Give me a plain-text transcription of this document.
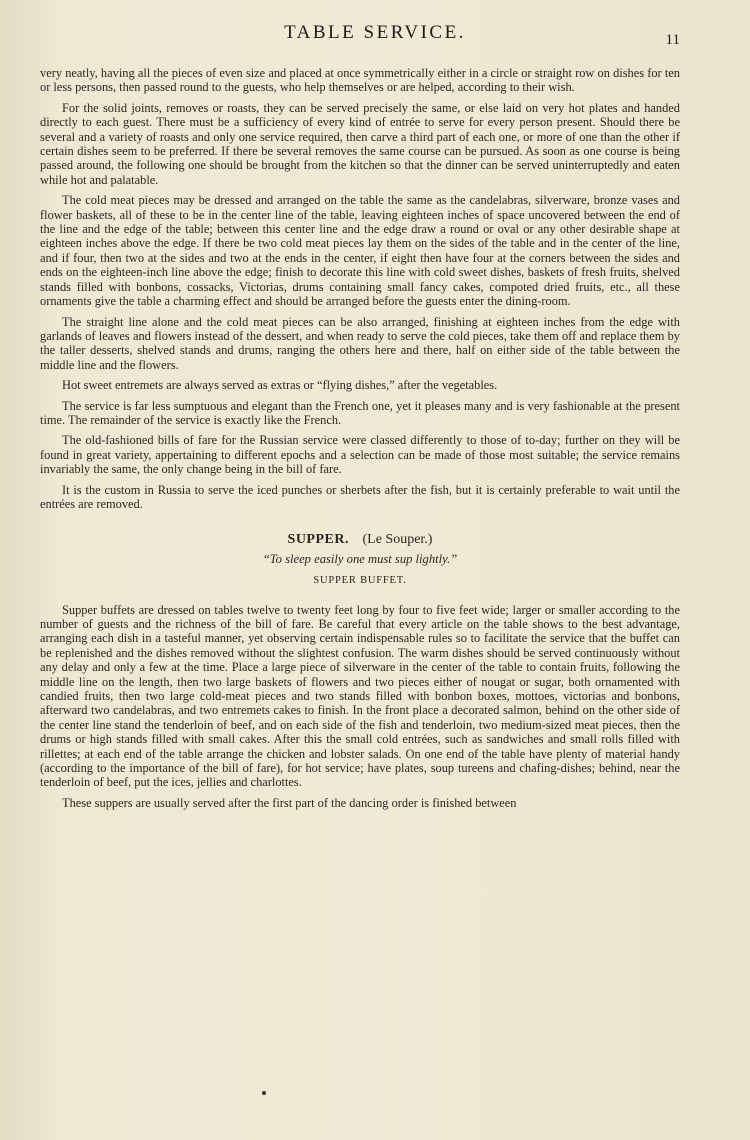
TABLE SERVICE.	11

very neatly, having all the pieces of even size and placed at once symmetrically either in a circle or straight row on dishes for ten or less persons, then passed round to the guests, who help themselves or are helped, according to their wish.

For the solid joints, removes or roasts, they can be served precisely the same, or else laid on very hot plates and handed directly to each guest. There must be a sufficiency of every kind of entrée to serve for every person present. Should there be several and a variety of roasts and only one service required, then carve a third part of each one, or more of one than the other if certain dishes seem to be preferred. If there be several removes the same course can be pursued. As soon as one course is being passed around, the following one should be brought from the kitchen so that the dinner can be served uninterruptedly and eaten while hot and palatable.

The cold meat pieces may be dressed and arranged on the table the same as the candelabras, silverware, bronze vases and flower baskets, all of these to be in the center line of the table, leaving eighteen inches of space uncovered between the end of the line and the edge of the table; between this center line and the edge draw a round or oval or any other desirable shape at eighteen inches above the edge. If there be two cold meat pieces lay them on the sides of the table and in the center of the line, and if four, then two at the sides and two at the ends in the center, if eight then have four at the corners between the sides and ends on the eighteen-inch line above the edge; finish to decorate this line with cold sweet dishes, baskets of fresh fruits, shelved stands filled with bonbons, cossacks, Victorias, drums containing small fancy cakes, compoted dried fruits, etc., all these ornaments give the table a charming effect and should be arranged before the guests enter the dining-room.

The straight line alone and the cold meat pieces can be also arranged, finishing at eighteen inches from the edge with garlands of leaves and flowers instead of the dessert, and when ready to serve the cold pieces, take them off and replace them by the taller desserts, shelved stands and drums, ranging the others here and there, half on either side of the table between the middle line and the flowers.

Hot sweet entremets are always served as extras or “flying dishes,” after the vegetables.

The service is far less sumptuous and elegant than the French one, yet it pleases many and is very fashionable at the present time. The remainder of the service is exactly like the French.

The old-fashioned bills of fare for the Russian service were classed differently to those of to-day; further on they will be found in great variety, appertaining to different epochs and a selection can be made of those most suitable; the service remains invariably the same, the only change being in the bill of fare.

It is the custom in Russia to serve the iced punches or sherbets after the fish, but it is certainly preferable to wait until the entrées are removed.

SUPPER. (Le Souper.)
“To sleep easily one must sup lightly.”
SUPPER BUFFET.

Supper buffets are dressed on tables twelve to twenty feet long by four to five feet wide; larger or smaller according to the number of guests and the richness of the bill of fare. Be careful that every article on the table shows to the best advantage, arranging each dish in a tasteful manner, yet observing certain indispensable rules so to facilitate the service that the buffet can be replenished and the dishes removed without the slightest confusion. The warm dishes should be served continuously without any delay and only a few at the time. Place a large piece of silverware in the center of the table to contain fruits, following the middle line on the length, then two large baskets of flowers and two pieces either of nougat or sugar, both ornamented with candied fruits, then two large cold-meat pieces and two stands filled with bonbon boxes, mottoes, victorias and bonbons, afterward two candelabras, and two entremets cakes to finish. In the front place a decorated salmon, behind on the other side of the center line stand the tenderloin of beef, and on each side of the fish and tenderloin, two medium-sized meat pieces, then the drums or high stands filled with small cakes. After this the small cold entrées, such as sandwiches and small rolls filled with rillettes; at each end of the table arrange the chicken and lobster salads. On one end of the table have plenty of material handy (according to the importance of the bill of fare), for hot service; have plates, soup tureens and chafing-dishes; behind, near the tenderloin of beef, put the ices, jellies and charlottes.

These suppers are usually served after the first part of the dancing order is finished between
